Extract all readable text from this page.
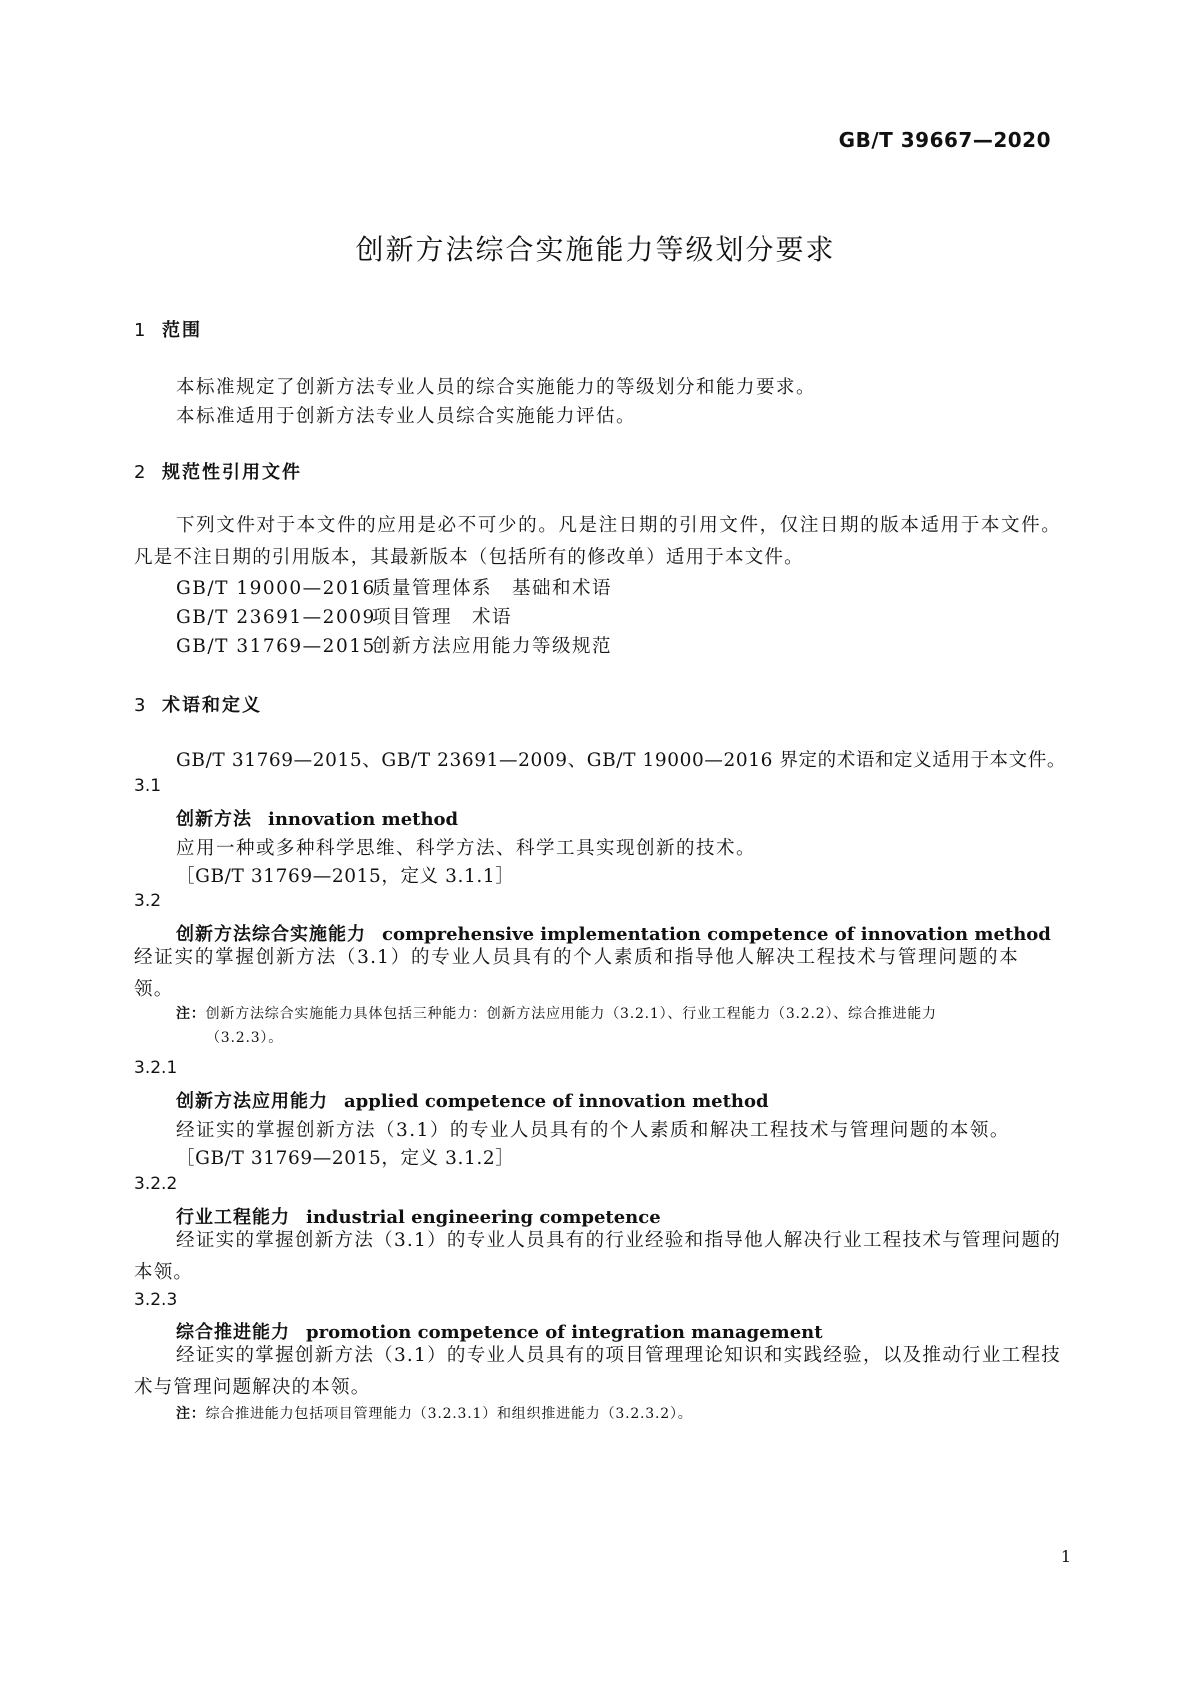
GB/T 39667—2020
创新方法综合实施能力等级划分要求
1 范围
本标准规定了创新方法专业人员的综合实施能力的等级划分和能力要求。
本标准适用于创新方法专业人员综合实施能力评估。
2 规范性引用文件
下列文件对于本文件的应用是必不可少的。凡是注日期的引用文件，仅注日期的版本适用于本文件。凡是不注日期的引用版本，其最新版本（包括所有的修改单）适用于本文件。
GB/T 19000—2016质量管理体系　基础和术语
GB/T 23691—2009项目管理　术语
GB/T 31769—2015创新方法应用能力等级规范
3 术语和定义
GB/T 31769—2015、GB/T 23691—2009、GB/T 19000—2016 界定的术语和定义适用于本文件。
3.1
创新方法 innovation method
应用一种或多种科学思维、科学方法、科学工具实现创新的技术。
［GB/T 31769—2015，定义 3.1.1］
3.2
创新方法综合实施能力 comprehensive implementation competence of innovation method
经证实的掌握创新方法（3.1）的专业人员具有的个人素质和指导他人解决工程技术与管理问题的本领。
注：创新方法综合实施能力具体包括三种能力：创新方法应用能力（3.2.1）、行业工程能力（3.2.2）、综合推进能力
（3.2.3）。
3.2.1
创新方法应用能力 applied competence of innovation method
经证实的掌握创新方法（3.1）的专业人员具有的个人素质和解决工程技术与管理问题的本领。
［GB/T 31769—2015，定义 3.1.2］
3.2.2
行业工程能力 industrial engineering competence
经证实的掌握创新方法（3.1）的专业人员具有的行业经验和指导他人解决行业工程技术与管理问题的本领。
3.2.3
综合推进能力 promotion competence of integration management
经证实的掌握创新方法（3.1）的专业人员具有的项目管理理论知识和实践经验，以及推动行业工程技术与管理问题解决的本领。
注：综合推进能力包括项目管理能力（3.2.3.1）和组织推进能力（3.2.3.2）。
1
